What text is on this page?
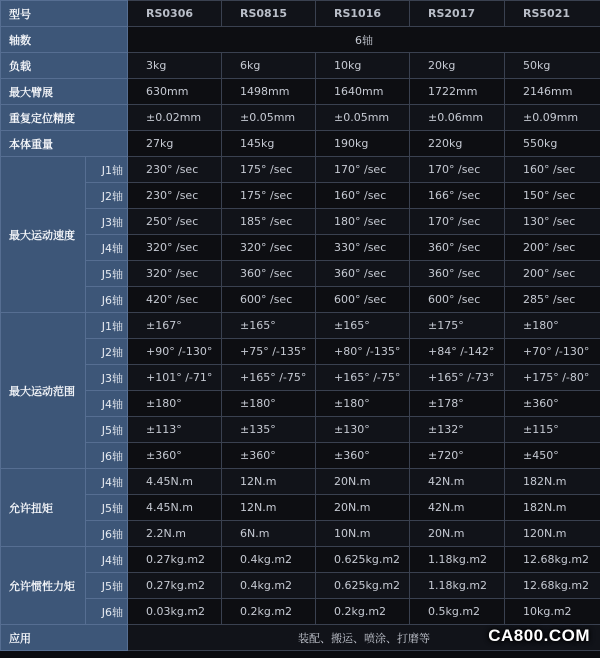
型号		RS0306	RS0815	RS1016	RS2017	RS5021
轴数		6轴				
负载		3kg	6kg	10kg	20kg	50kg
最大臂展		630mm	1498mm	1640mm	1722mm	2146mm
重复定位精度		±0.02mm	±0.05mm	±0.05mm	±0.06mm	±0.09mm
本体重量		27kg	145kg	190kg	220kg	550kg
最大运动速度	J1轴	230° /sec	175° /sec	170° /sec	170° /sec	160° /sec
	J2轴	230° /sec	175° /sec	160° /sec	166° /sec	150° /sec
	J3轴	250° /sec	185° /sec	180° /sec	170° /sec	130° /sec
	J4轴	320° /sec	320° /sec	330° /sec	360° /sec	200° /sec
	J5轴	320° /sec	360° /sec	360° /sec	360° /sec	200° /sec
	J6轴	420° /sec	600° /sec	600° /sec	600° /sec	285° /sec
最大运动范围	J1轴	±167°	±165°	±165°	±175°	±180°
	J2轴	+90° /-130°	+75° /-135°	+80° /-135°	+84° /-142°	+70° /-130°
	J3轴	+101° /-71°	+165° /-75°	+165° /-75°	+165° /-73°	+175° /-80°
	J4轴	±180°	±180°	±180°	±178°	±360°
	J5轴	±113°	±135°	±130°	±132°	±115°
	J6轴	±360°	±360°	±360°	±720°	±450°
允许扭矩	J4轴	4.45N.m	12N.m	20N.m	42N.m	182N.m
	J5轴	4.45N.m	12N.m	20N.m	42N.m	182N.m
	J6轴	2.2N.m	6N.m	10N.m	20N.m	120N.m
允许惯性力矩	J4轴	0.27kg.m2	0.4kg.m2	0.625kg.m2	1.18kg.m2	12.68kg.m2
	J5轴	0.27kg.m2	0.4kg.m2	0.625kg.m2	1.18kg.m2	12.68kg.m2
	J6轴	0.03kg.m2	0.2kg.m2	0.2kg.m2	0.5kg.m2	10kg.m2
应用		装配、搬运、喷涂、打磨等					CA800.COM
